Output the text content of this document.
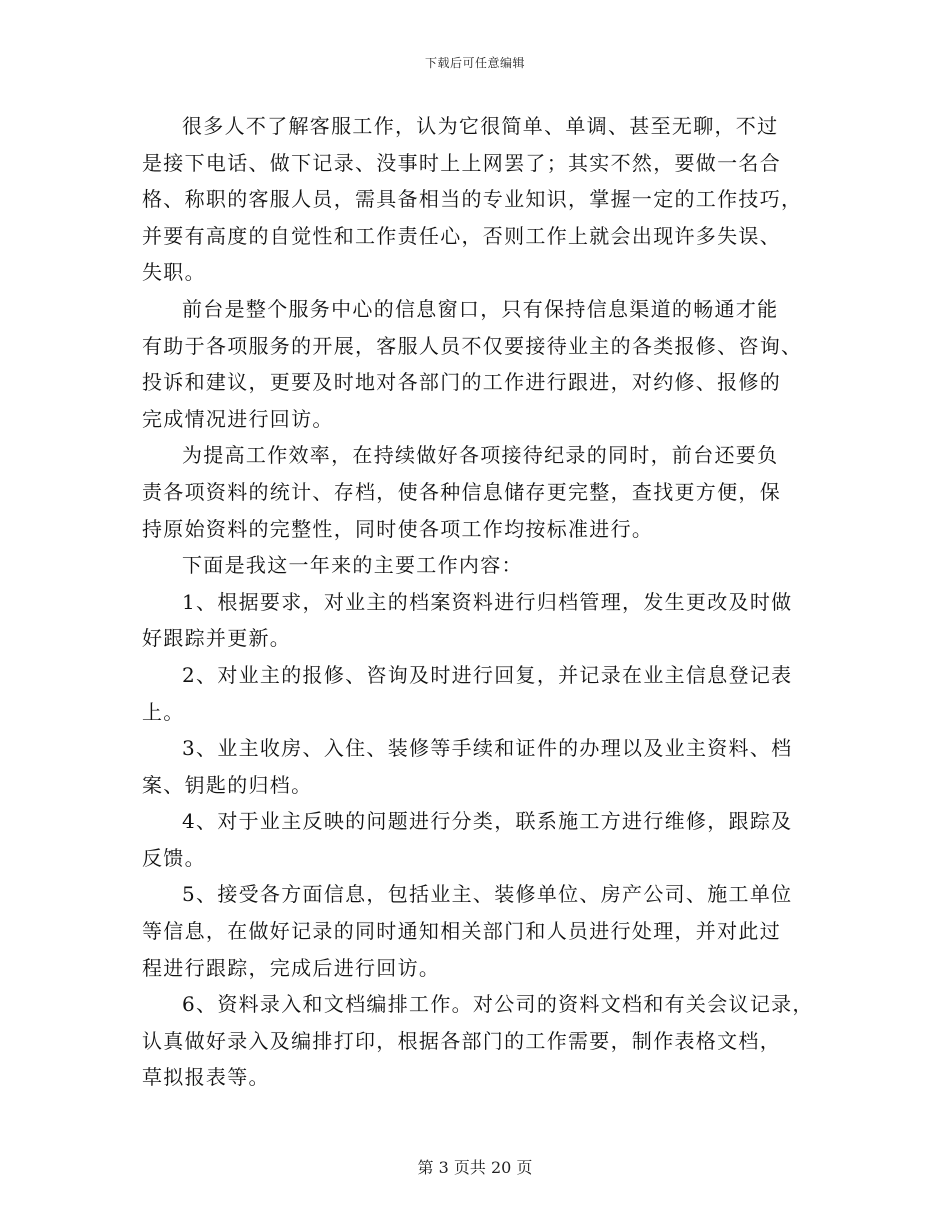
下载后可任意编辑

很多人不了解客服工作，认为它很简单、单调、甚至无聊，不过
是接下电话、做下记录、没事时上上网罢了；其实不然，要做一名合
格、称职的客服人员，需具备相当的专业知识，掌握一定的工作技巧，
并要有高度的自觉性和工作责任心，否则工作上就会出现许多失误、
失职。

前台是整个服务中心的信息窗口，只有保持信息渠道的畅通才能
有助于各项服务的开展，客服人员不仅要接待业主的各类报修、咨询、
投诉和建议，更要及时地对各部门的工作进行跟进，对约修、报修的
完成情况进行回访。

为提高工作效率，在持续做好各项接待纪录的同时，前台还要负
责各项资料的统计、存档，使各种信息储存更完整，查找更方便，保
持原始资料的完整性，同时使各项工作均按标准进行。

下面是我这一年来的主要工作内容：

1、根据要求，对业主的档案资料进行归档管理，发生更改及时做
好跟踪并更新。

2、对业主的报修、咨询及时进行回复，并记录在业主信息登记表
上。

3、业主收房、入住、装修等手续和证件的办理以及业主资料、档
案、钥匙的归档。

4、对于业主反映的问题进行分类，联系施工方进行维修，跟踪及
反馈。

5、接受各方面信息，包括业主、装修单位、房产公司、施工单位
等信息，在做好记录的同时通知相关部门和人员进行处理，并对此过
程进行跟踪，完成后进行回访。

6、资料录入和文档编排工作。对公司的资料文档和有关会议记录，
认真做好录入及编排打印，根据各部门的工作需要，制作表格文档，
草拟报表等。

第 3 页共 20 页
